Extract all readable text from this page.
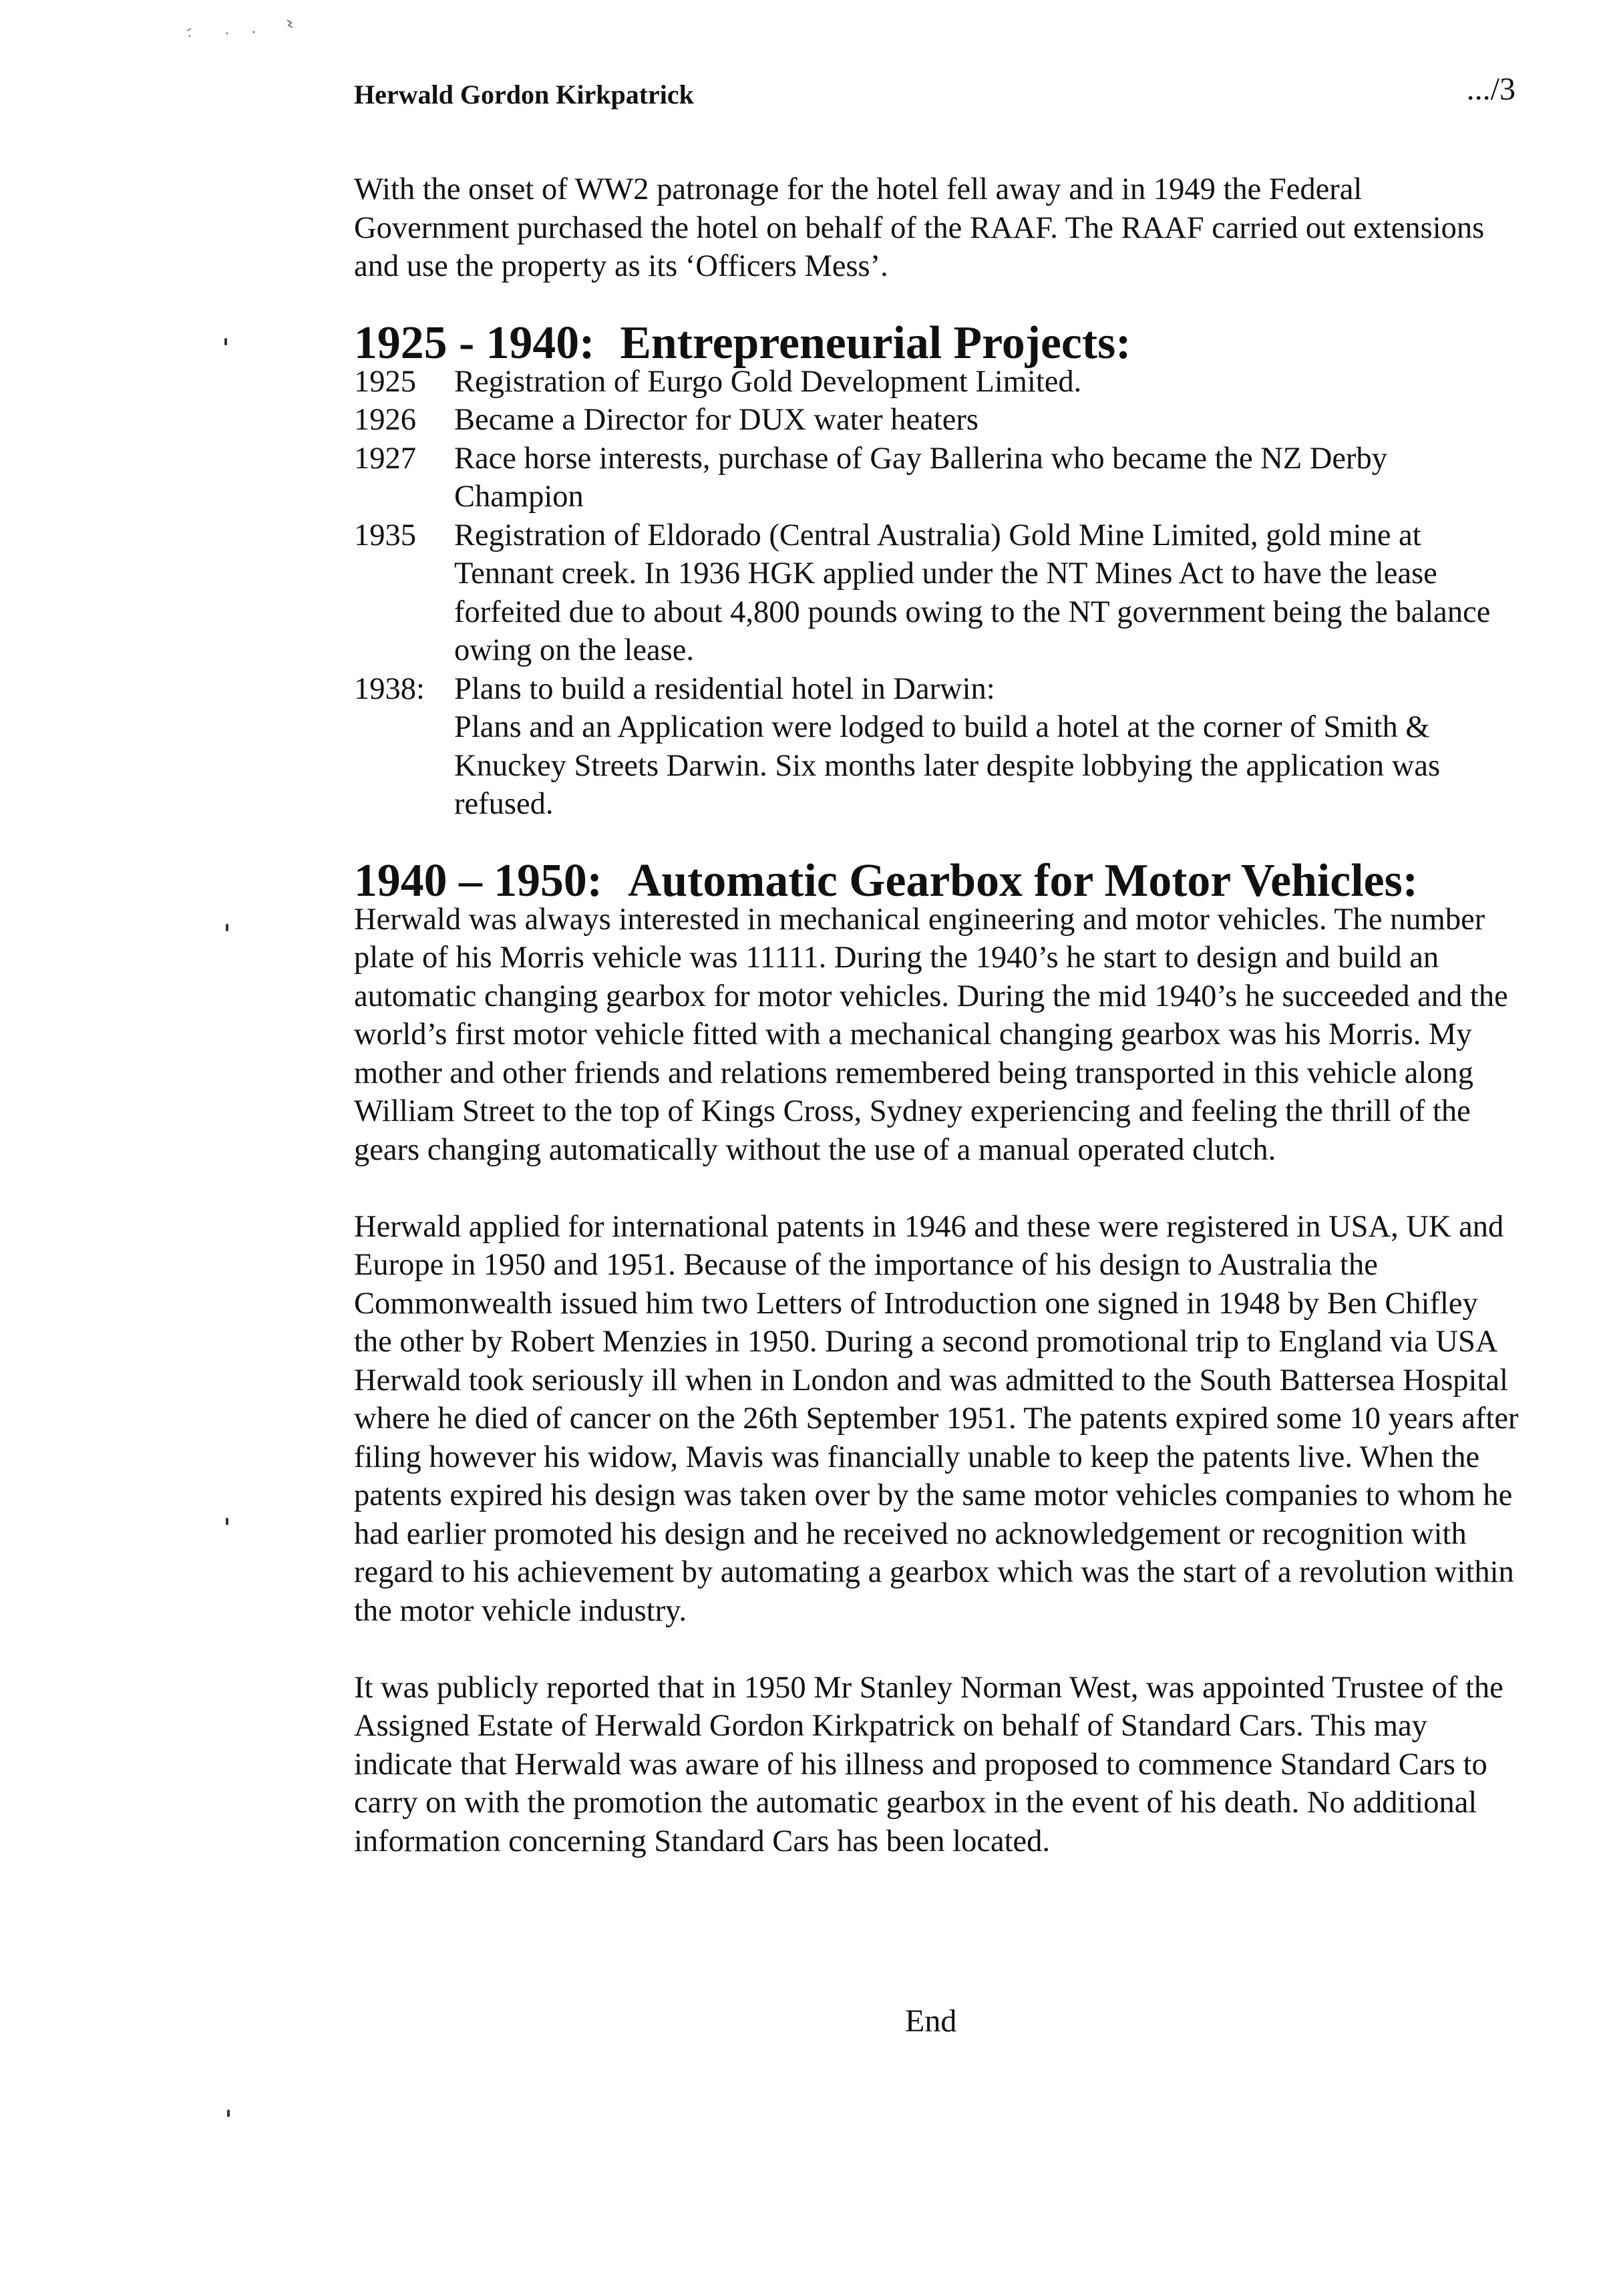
Herwald Gordon Kirkpatrick	.../3

With the onset of WW2 patronage for the hotel fell away and in 1949 the Federal Government purchased the hotel on behalf of the RAAF. The RAAF carried out extensions and use the property as its ‘Officers Mess’.

1925 - 1940: Entrepreneurial Projects:
1925	Registration of Eurgo Gold Development Limited.
1926	Became a Director for DUX water heaters
1927	Race horse interests, purchase of Gay Ballerina who became the NZ Derby Champion
1935	Registration of Eldorado (Central Australia) Gold Mine Limited, gold mine at Tennant creek. In 1936 HGK applied under the NT Mines Act to have the lease forfeited due to about 4,800 pounds owing to the NT government being the balance owing on the lease.
1938: Plans to build a residential hotel in Darwin:
Plans and an Application were lodged to build a hotel at the corner of Smith & Knuckey Streets Darwin. Six months later despite lobbying the application was refused.
1940 – 1950: Automatic Gearbox for Motor Vehicles:

Herwald was always interested in mechanical engineering and motor vehicles. The number plate of his Morris vehicle was 11111. During the 1940’s he start to design and build an automatic changing gearbox for motor vehicles. During the mid 1940’s he succeeded and the world’s first motor vehicle fitted with a mechanical changing gearbox was his Morris. My mother and other friends and relations remembered being transported in this vehicle along William Street to the top of Kings Cross, Sydney experiencing and feeling the thrill of the gears changing automatically without the use of a manual operated clutch.

Herwald applied for international patents in 1946 and these were registered in USA, UK and Europe in 1950 and 1951. Because of the importance of his design to Australia the Commonwealth issued him two Letters of Introduction one signed in 1948 by Ben Chifley the other by Robert Menzies in 1950. During a second promotional trip to England via USA Herwald took seriously ill when in London and was admitted to the South Battersea Hospital where he died of cancer on the 26th September 1951. The patents expired some 10 years after filing however his widow, Mavis was financially unable to keep the patents live. When the patents expired his design was taken over by the same motor vehicles companies to whom he had earlier promoted his design and he received no acknowledgement or recognition with regard to his achievement by automating a gearbox which was the start of a revolution within the motor vehicle industry.

It was publicly reported that in 1950 Mr Stanley Norman West, was appointed Trustee of the Assigned Estate of Herwald Gordon Kirkpatrick on behalf of Standard Cars. This may indicate that Herwald was aware of his illness and proposed to commence Standard Cars to carry on with the promotion the automatic gearbox in the event of his death. No additional information concerning Standard Cars has been located.

End
